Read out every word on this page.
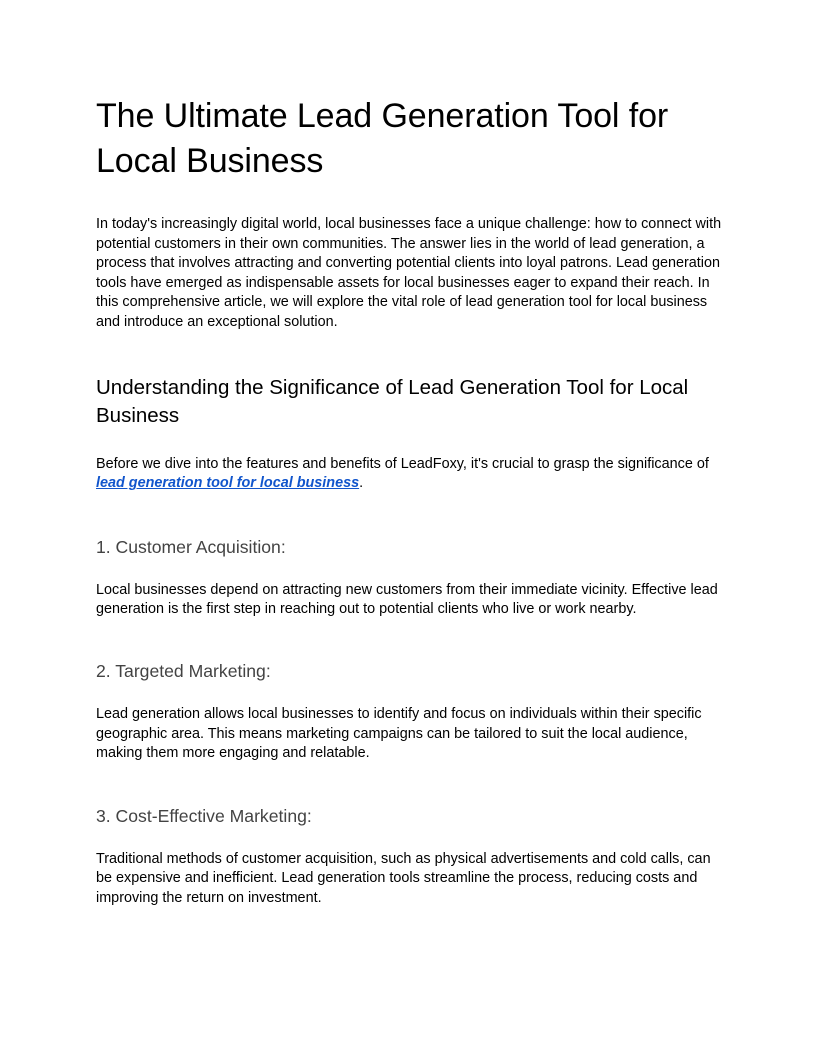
The Ultimate Lead Generation Tool for Local Business

In today's increasingly digital world, local businesses face a unique challenge: how to connect with potential customers in their own communities. The answer lies in the world of lead generation, a process that involves attracting and converting potential clients into loyal patrons. Lead generation tools have emerged as indispensable assets for local businesses eager to expand their reach. In this comprehensive article, we will explore the vital role of lead generation tool for local business and introduce an exceptional solution.

Understanding the Significance of Lead Generation Tool for Local Business

Before we dive into the features and benefits of LeadFoxy, it's crucial to grasp the significance of lead generation tool for local business.

1. Customer Acquisition:

Local businesses depend on attracting new customers from their immediate vicinity. Effective lead generation is the first step in reaching out to potential clients who live or work nearby.

2. Targeted Marketing:

Lead generation allows local businesses to identify and focus on individuals within their specific geographic area. This means marketing campaigns can be tailored to suit the local audience, making them more engaging and relatable.

3. Cost-Effective Marketing:

Traditional methods of customer acquisition, such as physical advertisements and cold calls, can be expensive and inefficient. Lead generation tools streamline the process, reducing costs and improving the return on investment.
